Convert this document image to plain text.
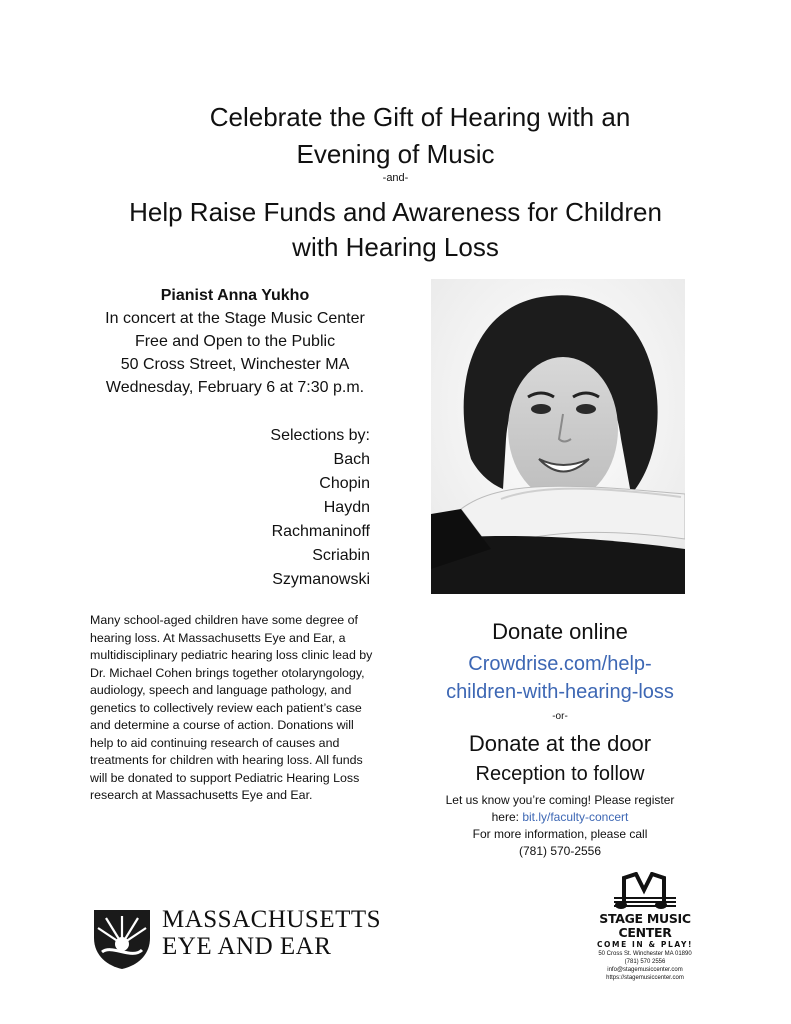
Celebrate the Gift of Hearing with an
Evening of Music
-and-
Help Raise Funds and Awareness for Children
with Hearing Loss
Pianist Anna Yukho
In concert at the Stage Music Center
Free and Open to the Public
50 Cross Street, Winchester MA
Wednesday, February 6 at 7:30 p.m.
Selections by:
Bach
Chopin
Haydn
Rachmaninoff
Scriabin
Szymanowski
Many school-aged children have some degree of hearing loss. At Massachusetts Eye and Ear, a multidisciplinary pediatric hearing loss clinic lead by Dr. Michael Cohen brings together otolaryngology, audiology, speech and language pathology, and genetics to collectively review each patient’s case and determine a course of action. Donations will help to aid continuing research of causes and treatments for children with hearing loss. All funds will be donated to support Pediatric Hearing Loss research at Massachusetts Eye and Ear.
Donate online
Crowdrise.com/help-
children-with-hearing-loss
-or-
Donate at the door
Reception to follow
Let us know you’re coming! Please register
here: bit.ly/faculty-concert
For more information, please call
(781) 570-2556
MASSACHUSETTS
EYE AND EAR
STAGE MUSIC CENTER
COME IN & PLAY!
50 Cross St. Winchester MA 01890
(781) 570 2556
info@stagemusiccenter.com
https://stagemusiccenter.com
